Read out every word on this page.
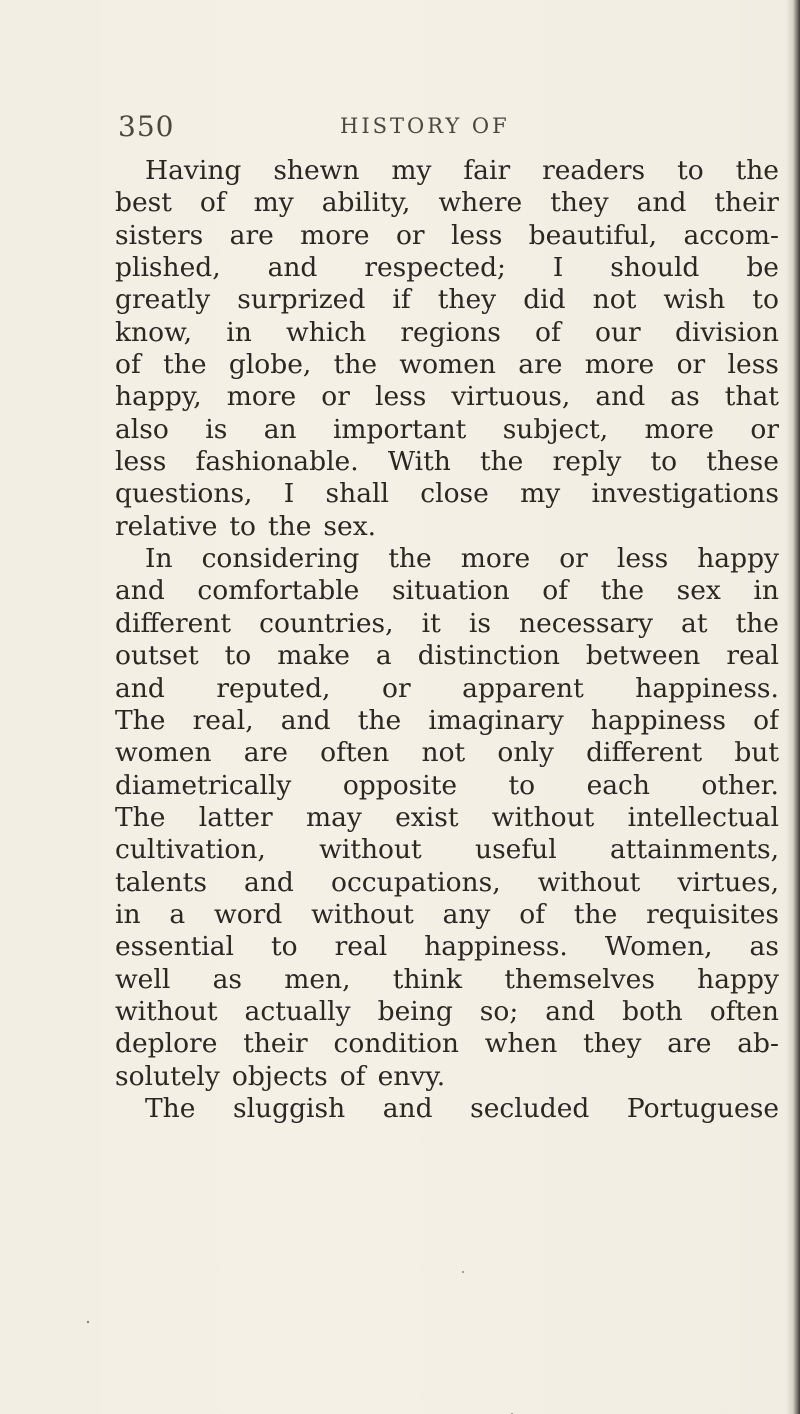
350	HISTORY OF
Having shewn my fair readers to the
best of my ability, where they and their
sisters are more or less beautiful, accom-
plished, and respected; I should be
greatly surprized if they did not wish to
know, in which regions of our division
of the globe, the women are more or less
happy, more or less virtuous, and as that
also is an important subject, more or
less fashionable. With the reply to these
questions, I shall close my investigations
relative to the sex.
In considering the more or less happy
and comfortable situation of the sex in
different countries, it is necessary at the
outset to make a distinction between real
and reputed, or apparent happiness.
The real, and the imaginary happiness of
women are often not only different but
diametrically opposite to each other.
The latter may exist without intellectual
cultivation, without useful attainments,
talents and occupations, without virtues,
in a word without any of the requisites
essential to real happiness. Women, as
well as men, think themselves happy
without actually being so; and both often
deplore their condition when they are ab-
solutely objects of envy.
The sluggish and secluded Portuguese
